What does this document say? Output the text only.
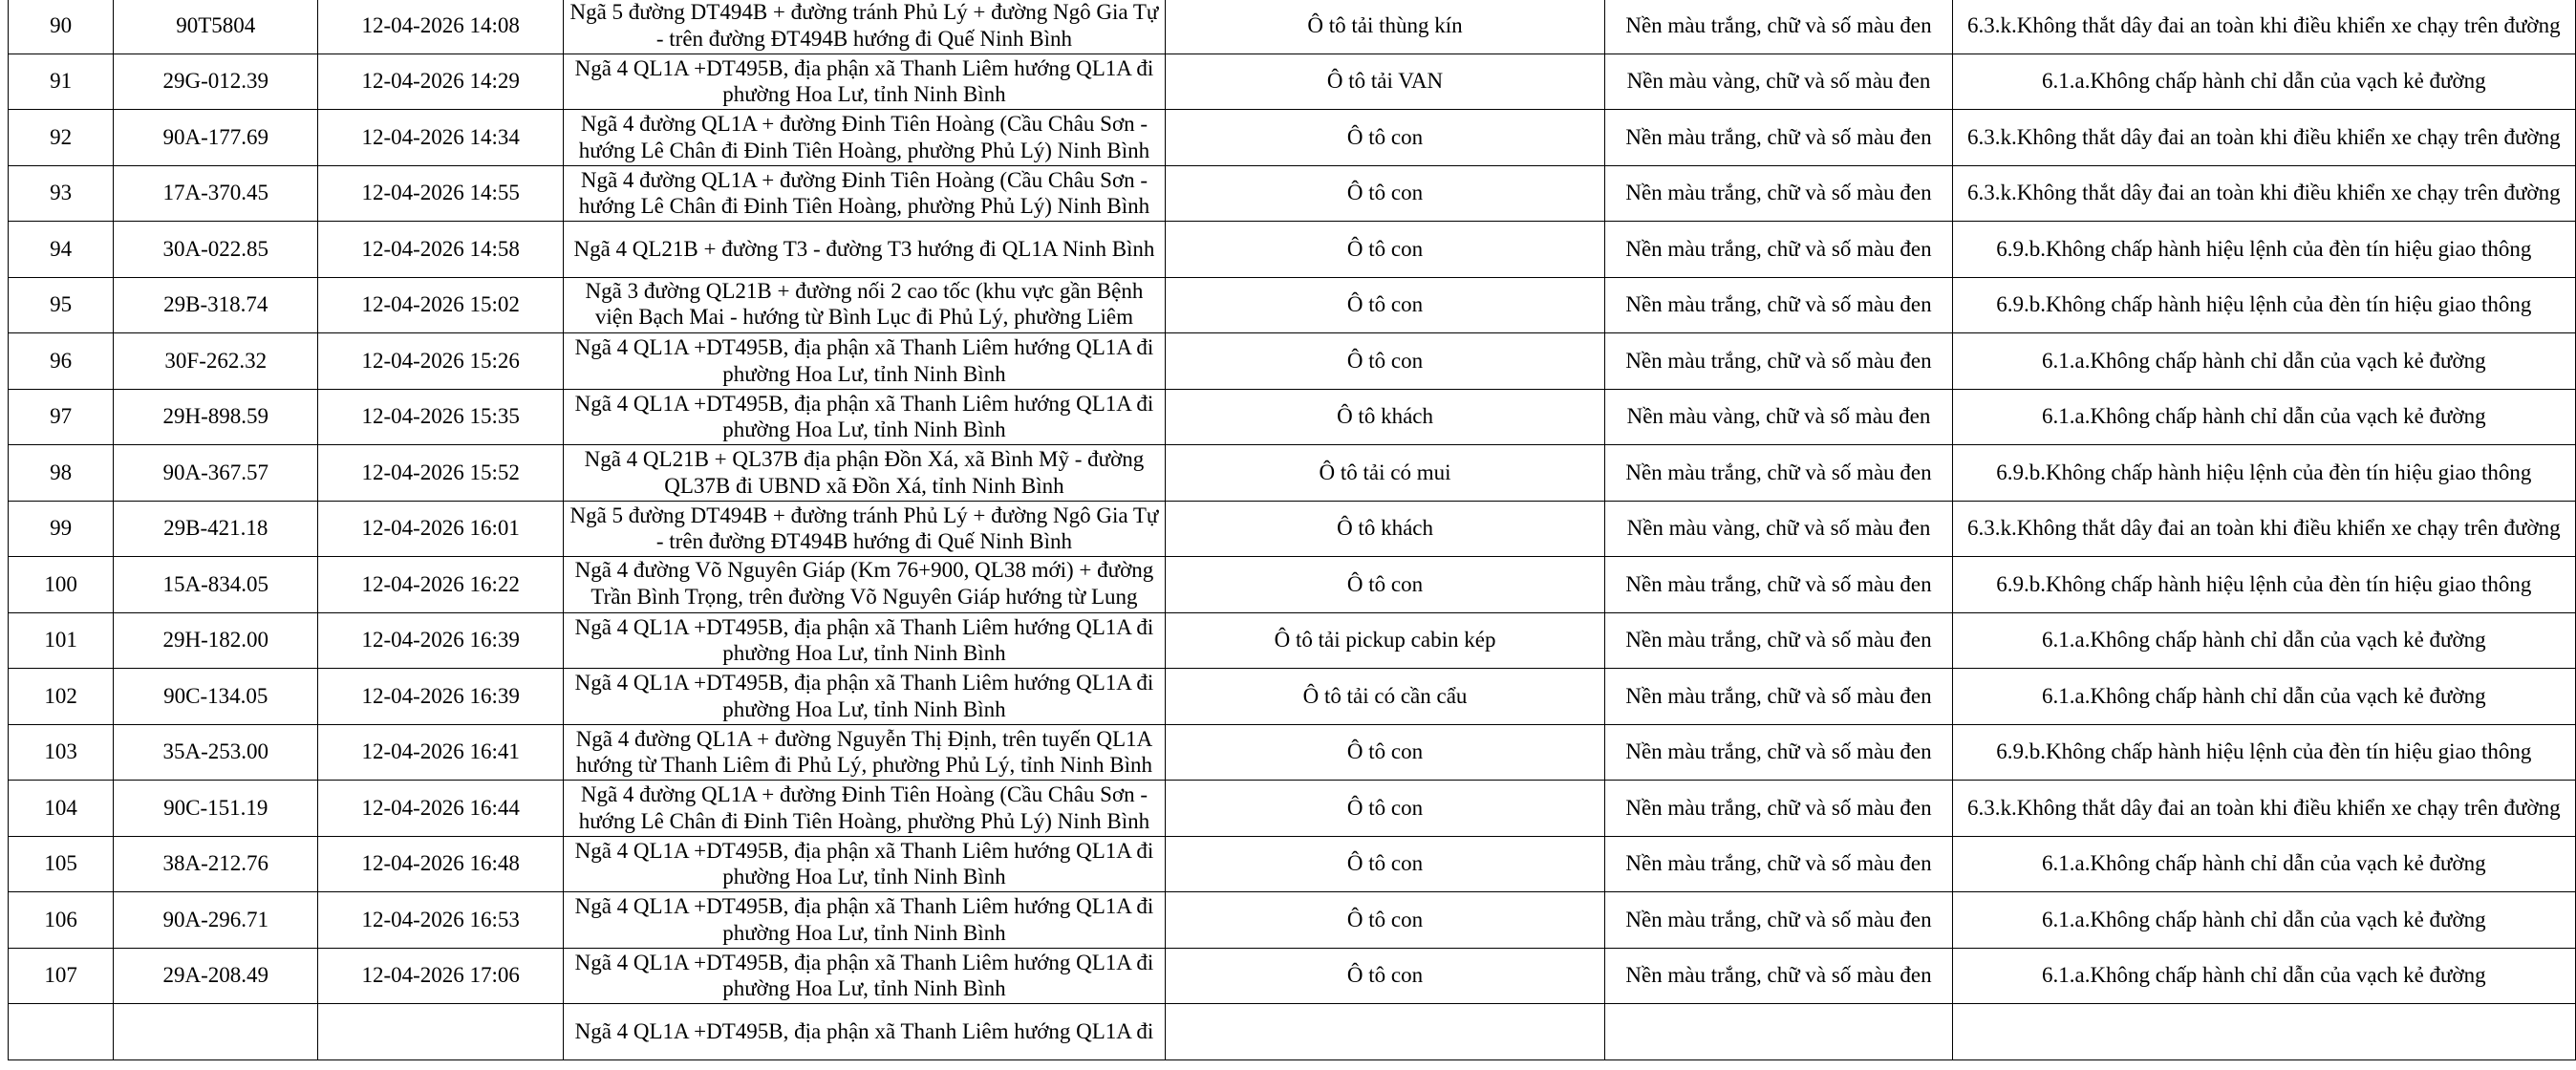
90	90T5804	12-04-2026 14:08	Ngã 5 đường DT494B + đường tránh Phủ Lý + đường Ngô Gia Tự - trên đường ĐT494B hướng đi Quế Ninh Bình	Ô tô tải thùng kín	Nền màu trắng, chữ và số màu đen	6.3.k.Không thắt dây đai an toàn khi điều khiển xe chạy trên đường
91	29G-012.39	12-04-2026 14:29	Ngã 4 QL1A +DT495B, địa phận xã Thanh Liêm hướng QL1A đi phường Hoa Lư, tỉnh Ninh Bình	Ô tô tải VAN	Nền màu vàng, chữ và số màu đen	6.1.a.Không chấp hành chỉ dẫn của vạch kẻ đường
92	90A-177.69	12-04-2026 14:34	Ngã 4 đường QL1A + đường Đinh Tiên Hoàng (Cầu Châu Sơn - hướng Lê Chân đi Đinh Tiên Hoàng, phường Phủ Lý) Ninh Bình	Ô tô con	Nền màu trắng, chữ và số màu đen	6.3.k.Không thắt dây đai an toàn khi điều khiển xe chạy trên đường
93	17A-370.45	12-04-2026 14:55	Ngã 4 đường QL1A + đường Đinh Tiên Hoàng (Cầu Châu Sơn - hướng Lê Chân đi Đinh Tiên Hoàng, phường Phủ Lý) Ninh Bình	Ô tô con	Nền màu trắng, chữ và số màu đen	6.3.k.Không thắt dây đai an toàn khi điều khiển xe chạy trên đường
94	30A-022.85	12-04-2026 14:58	Ngã 4 QL21B + đường T3 - đường T3 hướng đi QL1A Ninh Bình	Ô tô con	Nền màu trắng, chữ và số màu đen	6.9.b.Không chấp hành hiệu lệnh của đèn tín hiệu giao thông
95	29B-318.74	12-04-2026 15:02	Ngã 3 đường QL21B + đường nối 2 cao tốc (khu vực gần Bệnh viện Bạch Mai - hướng từ Bình Lục đi Phủ Lý, phường Liêm	Ô tô con	Nền màu trắng, chữ và số màu đen	6.9.b.Không chấp hành hiệu lệnh của đèn tín hiệu giao thông
96	30F-262.32	12-04-2026 15:26	Ngã 4 QL1A +DT495B, địa phận xã Thanh Liêm hướng QL1A đi phường Hoa Lư, tỉnh Ninh Bình	Ô tô con	Nền màu trắng, chữ và số màu đen	6.1.a.Không chấp hành chỉ dẫn của vạch kẻ đường
97	29H-898.59	12-04-2026 15:35	Ngã 4 QL1A +DT495B, địa phận xã Thanh Liêm hướng QL1A đi phường Hoa Lư, tỉnh Ninh Bình	Ô tô khách	Nền màu vàng, chữ và số màu đen	6.1.a.Không chấp hành chỉ dẫn của vạch kẻ đường
98	90A-367.57	12-04-2026 15:52	Ngã 4 QL21B + QL37B địa phận Đồn Xá, xã Bình Mỹ - đường QL37B đi UBND xã Đồn Xá, tỉnh Ninh Bình	Ô tô tải có mui	Nền màu trắng, chữ và số màu đen	6.9.b.Không chấp hành hiệu lệnh của đèn tín hiệu giao thông
99	29B-421.18	12-04-2026 16:01	Ngã 5 đường DT494B + đường tránh Phủ Lý + đường Ngô Gia Tự - trên đường ĐT494B hướng đi Quế Ninh Bình	Ô tô khách	Nền màu vàng, chữ và số màu đen	6.3.k.Không thắt dây đai an toàn khi điều khiển xe chạy trên đường
100	15A-834.05	12-04-2026 16:22	Ngã 4 đường Võ Nguyên Giáp (Km 76+900, QL38 mới) + đường Trần Bình Trọng, trên đường Võ Nguyên Giáp hướng từ Lung	Ô tô con	Nền màu trắng, chữ và số màu đen	6.9.b.Không chấp hành hiệu lệnh của đèn tín hiệu giao thông
101	29H-182.00	12-04-2026 16:39	Ngã 4 QL1A +DT495B, địa phận xã Thanh Liêm hướng QL1A đi phường Hoa Lư, tỉnh Ninh Bình	Ô tô tải pickup cabin kép	Nền màu trắng, chữ và số màu đen	6.1.a.Không chấp hành chỉ dẫn của vạch kẻ đường
102	90C-134.05	12-04-2026 16:39	Ngã 4 QL1A +DT495B, địa phận xã Thanh Liêm hướng QL1A đi phường Hoa Lư, tỉnh Ninh Bình	Ô tô tải có cần cẩu	Nền màu trắng, chữ và số màu đen	6.1.a.Không chấp hành chỉ dẫn của vạch kẻ đường
103	35A-253.00	12-04-2026 16:41	Ngã 4 đường QL1A + đường Nguyễn Thị Định, trên tuyến QL1A hướng từ Thanh Liêm đi Phủ Lý, phường Phủ Lý, tỉnh Ninh Bình	Ô tô con	Nền màu trắng, chữ và số màu đen	6.9.b.Không chấp hành hiệu lệnh của đèn tín hiệu giao thông
104	90C-151.19	12-04-2026 16:44	Ngã 4 đường QL1A + đường Đinh Tiên Hoàng (Cầu Châu Sơn - hướng Lê Chân đi Đinh Tiên Hoàng, phường Phủ Lý) Ninh Bình	Ô tô con	Nền màu trắng, chữ và số màu đen	6.3.k.Không thắt dây đai an toàn khi điều khiển xe chạy trên đường
105	38A-212.76	12-04-2026 16:48	Ngã 4 QL1A +DT495B, địa phận xã Thanh Liêm hướng QL1A đi phường Hoa Lư, tỉnh Ninh Bình	Ô tô con	Nền màu trắng, chữ và số màu đen	6.1.a.Không chấp hành chỉ dẫn của vạch kẻ đường
106	90A-296.71	12-04-2026 16:53	Ngã 4 QL1A +DT495B, địa phận xã Thanh Liêm hướng QL1A đi phường Hoa Lư, tỉnh Ninh Bình	Ô tô con	Nền màu trắng, chữ và số màu đen	6.1.a.Không chấp hành chỉ dẫn của vạch kẻ đường
107	29A-208.49	12-04-2026 17:06	Ngã 4 QL1A +DT495B, địa phận xã Thanh Liêm hướng QL1A đi phường Hoa Lư, tỉnh Ninh Bình	Ô tô con	Nền màu trắng, chữ và số màu đen	6.1.a.Không chấp hành chỉ dẫn của vạch kẻ đường

			Ngã 4 QL1A +DT495B, địa phận xã Thanh Liêm hướng QL1A đi			
